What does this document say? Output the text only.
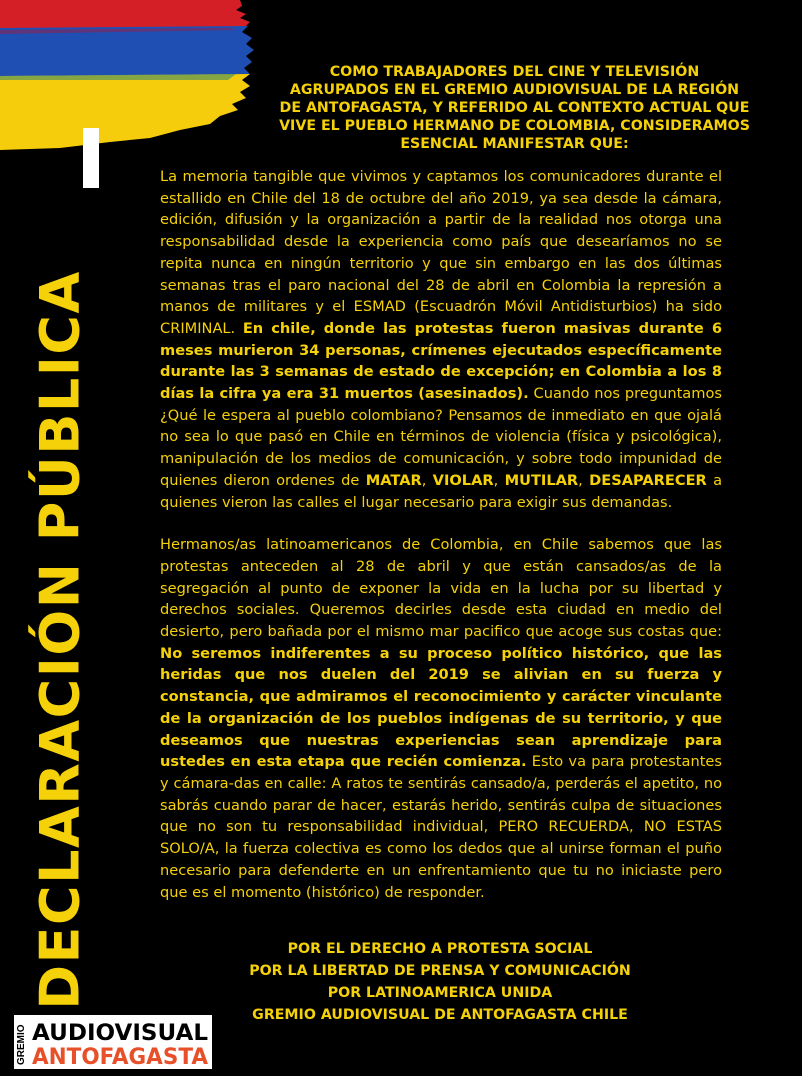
DECLARACIÓN PÚBLICA
COMO TRABAJADORES DEL CINE Y TELEVISIÓN
AGRUPADOS EN EL GREMIO AUDIOVISUAL DE LA REGIÓN
DE ANTOFAGASTA, Y REFERIDO AL CONTEXTO ACTUAL QUE
VIVE EL PUEBLO HERMANO DE COLOMBIA, CONSIDERAMOS
ESENCIAL MANIFESTAR QUE:

La memoria tangible que vivimos y captamos los comunicadores durante el estallido en Chile del 18 de octubre del año 2019, ya sea desde la cámara, edición, difusión y la organización a partir de la realidad nos otorga una responsabilidad desde la experiencia como país que desearíamos no se repita nunca en ningún territorio y que sin embargo en las dos últimas semanas tras el paro nacional del 28 de abril en Colombia la represión a manos de militares y el ESMAD (Escuadrón Móvil Antidisturbios) ha sido CRIMINAL. En chile, donde las protestas fueron masivas durante 6 meses murieron 34 personas, crímenes ejecutados específicamente durante las 3 semanas de estado de excepción; en Colombia a los 8 días la cifra ya era 31 muertos (asesinados). Cuando nos preguntamos ¿Qué le espera al pueblo colombiano? Pensamos de inmediato en que ojalá no sea lo que pasó en Chile en términos de violencia (física y psicológica), manipulación de los medios de comunicación, y sobre todo impunidad de quienes dieron ordenes de MATAR, VIOLAR, MUTILAR, DESAPARECER a quienes vieron las calles el lugar necesario para exigir sus demandas.

Hermanos/as latinoamericanos de Colombia, en Chile sabemos que las protestas anteceden al 28 de abril y que están cansados/as de la segregación al punto de exponer la vida en la lucha por su libertad y derechos sociales. Queremos decirles desde esta ciudad en medio del desierto, pero bañada por el mismo mar pacifico que acoge sus costas que: No seremos indiferentes a su proceso político histórico, que las heridas que nos duelen del 2019 se alivian en su fuerza y constancia, que admiramos el reconocimiento y carácter vinculante de la organización de los pueblos indígenas de su territorio, y que deseamos que nuestras experiencias sean aprendizaje para ustedes en esta etapa que recién comienza. Esto va para protestantes y cámara-das en calle: A ratos te sentirás cansado/a, perderás el apetito, no sabrás cuando parar de hacer, estarás herido, sentirás culpa de situaciones que no son tu responsabilidad individual, PERO RECUERDA, NO ESTAS SOLO/A, la fuerza colectiva es como los dedos que al unirse forman el puño necesario para defenderte en un enfrentamiento que tu no iniciaste pero que es el momento (histórico) de responder.

POR EL DERECHO A PROTESTA SOCIAL
POR LA LIBERTAD DE PRENSA Y COMUNICACIÓN
POR LATINOAMERICA UNIDA
GREMIO AUDIOVISUAL DE ANTOFAGASTA CHILE
GREMIO AUDIOVISUAL
ANTOFAGASTA
